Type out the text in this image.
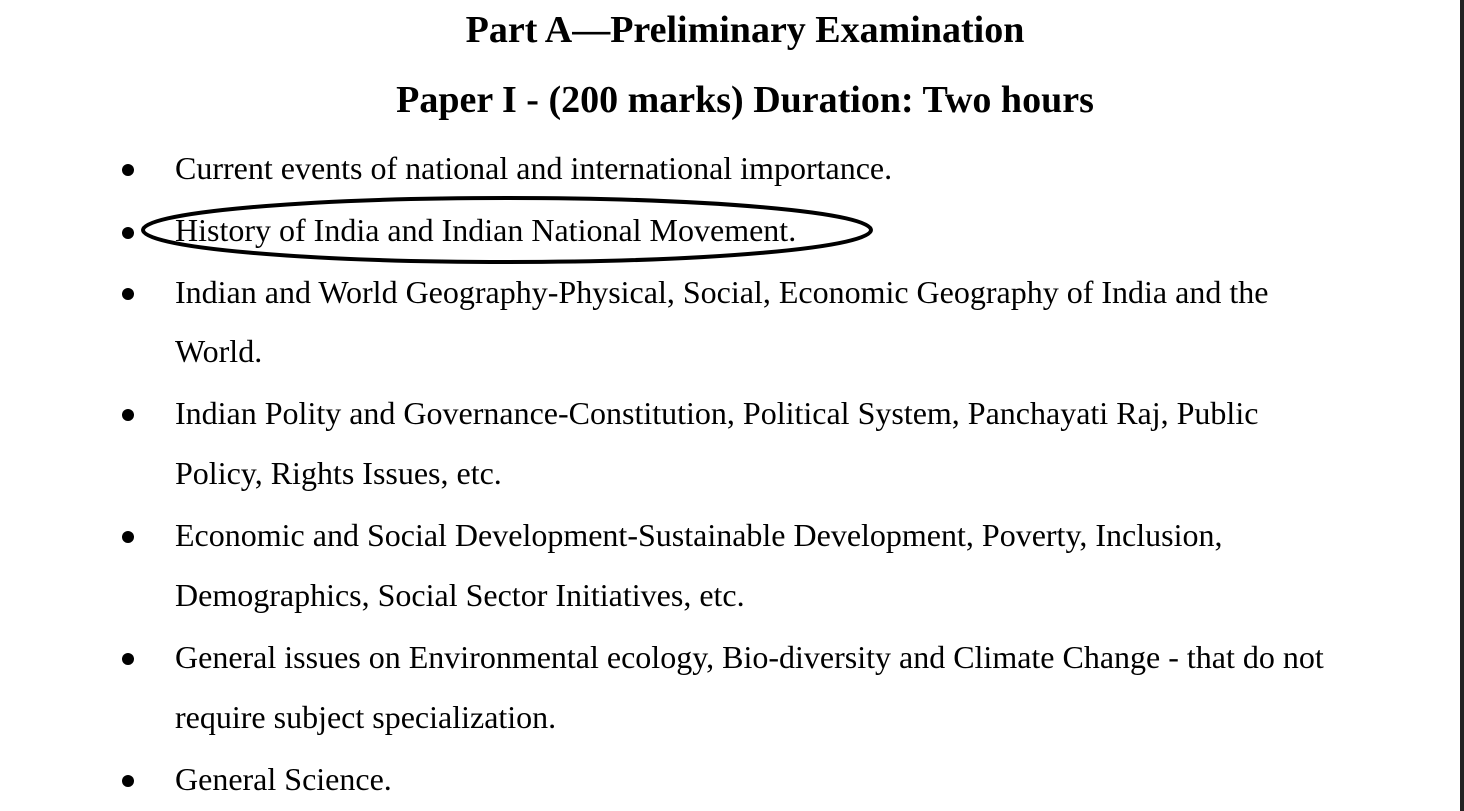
Part A—Preliminary Examination
Paper I - (200 marks) Duration: Two hours
Current events of national and international importance.
History of India and Indian National Movement.
Indian and World Geography-Physical, Social, Economic Geography of India and the
World.
Indian Polity and Governance-Constitution, Political System, Panchayati Raj, Public
Policy, Rights Issues, etc.
Economic and Social Development-Sustainable Development, Poverty, Inclusion,
Demographics, Social Sector Initiatives, etc.
General issues on Environmental ecology, Bio-diversity and Climate Change - that do not
require subject specialization.
General Science.
